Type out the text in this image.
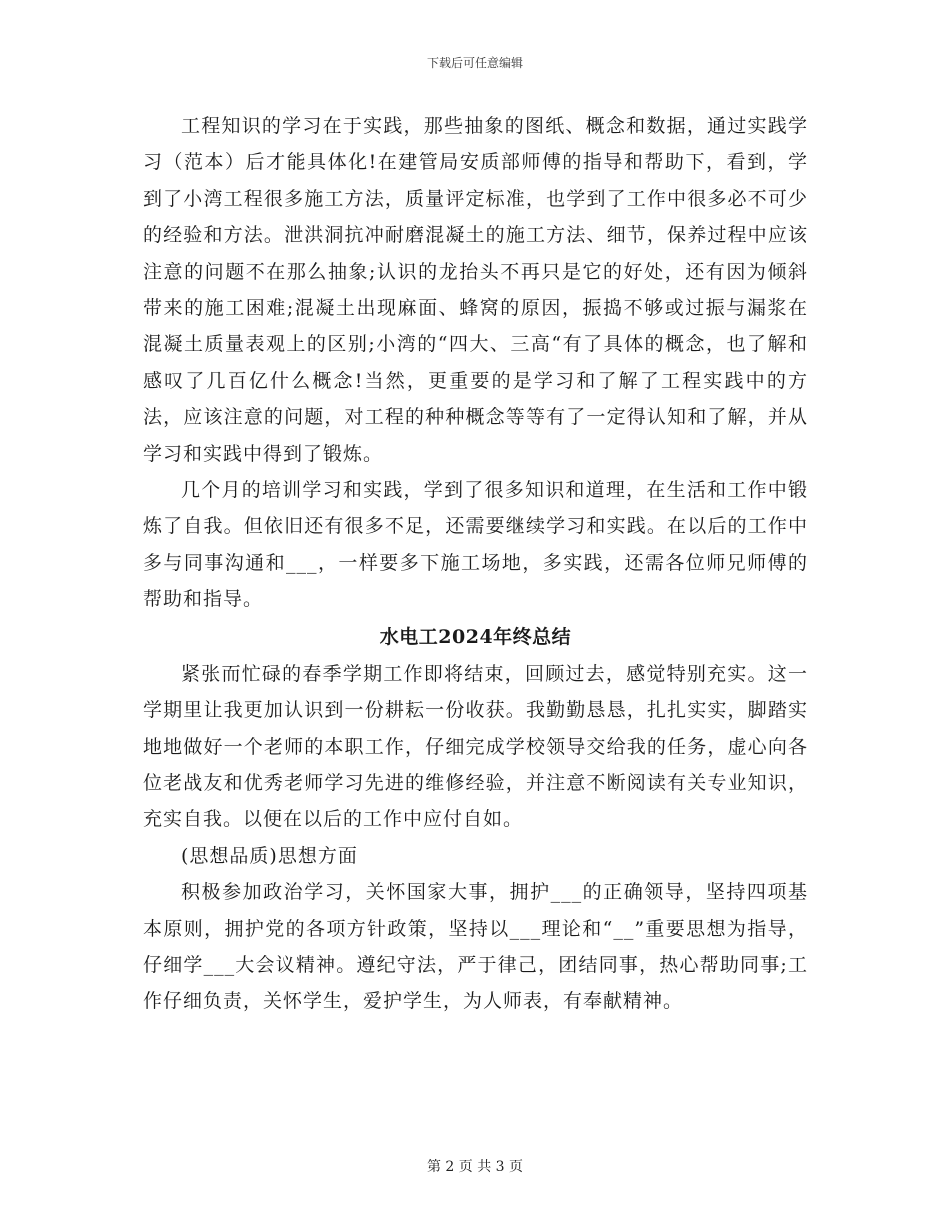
下载后可任意编辑

工程知识的学习在于实践，那些抽象的图纸、概念和数据，通过实践学习（范本）后才能具体化!在建管局安质部师傅的指导和帮助下，看到，学到了小湾工程很多施工方法，质量评定标准，也学到了工作中很多必不可少的经验和方法。泄洪洞抗冲耐磨混凝土的施工方法、细节，保养过程中应该注意的问题不在那么抽象;认识的龙抬头不再只是它的好处，还有因为倾斜带来的施工困难;混凝土出现麻面、蜂窝的原因，振捣不够或过振与漏浆在混凝土质量表观上的区别;小湾的“四大、三高“有了具体的概念，也了解和感叹了几百亿什么概念!当然，更重要的是学习和了解了工程实践中的方法，应该注意的问题，对工程的种种概念等等有了一定得认知和了解，并从学习和实践中得到了锻炼。

几个月的培训学习和实践，学到了很多知识和道理，在生活和工作中锻炼了自我。但依旧还有很多不足，还需要继续学习和实践。在以后的工作中多与同事沟通和___，一样要多下施工场地，多实践，还需各位师兄师傅的帮助和指导。

水电工2024年终总结

紧张而忙碌的春季学期工作即将结束，回顾过去，感觉特别充实。这一学期里让我更加认识到一份耕耘一份收获。我勤勤恳恳，扎扎实实，脚踏实地地做好一个老师的本职工作，仔细完成学校领导交给我的任务，虚心向各位老战友和优秀老师学习先进的维修经验，并注意不断阅读有关专业知识，充实自我。以便在以后的工作中应付自如。

(思想品质)思想方面

积极参加政治学习，关怀国家大事，拥护___的正确领导，坚持四项基本原则，拥护党的各项方针政策，坚持以___理论和“__”重要思想为指导，仔细学___大会议精神。遵纪守法，严于律己，团结同事，热心帮助同事;工作仔细负责，关怀学生，爱护学生，为人师表，有奉献精神。

第 2 页 共 3 页
